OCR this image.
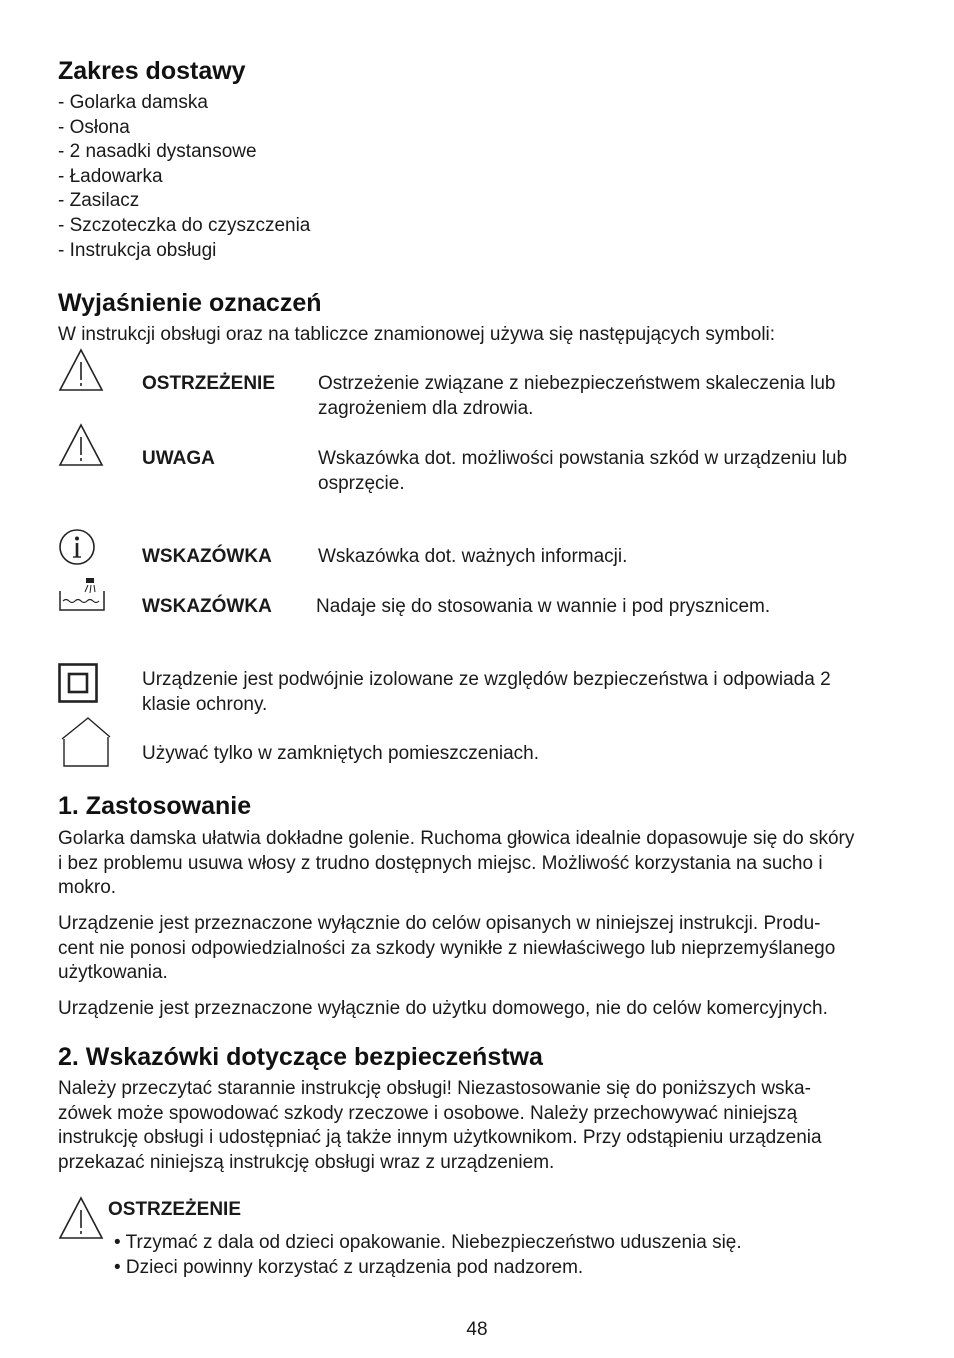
Zakres dostawy
- Golarka damska
- Osłona
- 2 nasadki dystansowe
- Ładowarka
- Zasilacz
- Szczoteczka do czyszczenia
- Instrukcja obsługi
Wyjaśnienie oznaczeń
W instrukcji obsługi oraz na tabliczce znamionowej używa się następujących symboli:
OSTRZEŻENIE Ostrzeżenie związane z niebezpieczeństwem skaleczenia lub
zagrożeniem dla zdrowia.
UWAGA	Wskazówka dot. możliwości powstania szkód w urządzeniu lub
osprzęcie.
WSKAZÓWKA Wskazówka dot. ważnych informacji.
WSKAZÓWKA Nadaje się do stosowania w wannie i pod prysznicem.
Urządzenie jest podwójnie izolowane ze względów bezpieczeństwa i odpowiada 2
klasie ochrony.
Używać tylko w zamkniętych pomieszczeniach.
1. Zastosowanie
Golarka damska ułatwia dokładne golenie. Ruchoma głowica idealnie dopasowuje się do skóry
i bez problemu usuwa włosy z trudno dostępnych miejsc. Możliwość korzystania na sucho i
mokro.
Urządzenie jest przeznaczone wyłącznie do celów opisanych w niniejszej instrukcji. Produ-
cent nie ponosi odpowiedzialności za szkody wynikłe z niewłaściwego lub nieprzemyślanego
użytkowania.
Urządzenie jest przeznaczone wyłącznie do użytku domowego, nie do celów komercyjnych.
2. Wskazówki dotyczące bezpieczeństwa
Należy przeczytać starannie instrukcję obsługi! Niezastosowanie się do poniższych wska-
zówek może spowodować szkody rzeczowe i osobowe. Należy przechowywać niniejszą
instrukcję obsługi i udostępniać ją także innym użytkownikom. Przy odstąpieniu urządzenia
przekazać niniejszą instrukcję obsługi wraz z urządzeniem.
OSTRZEŻENIE
• Trzymać z dala od dzieci opakowanie. Niebezpieczeństwo uduszenia się.
• Dzieci powinny korzystać z urządzenia pod nadzorem.
48
